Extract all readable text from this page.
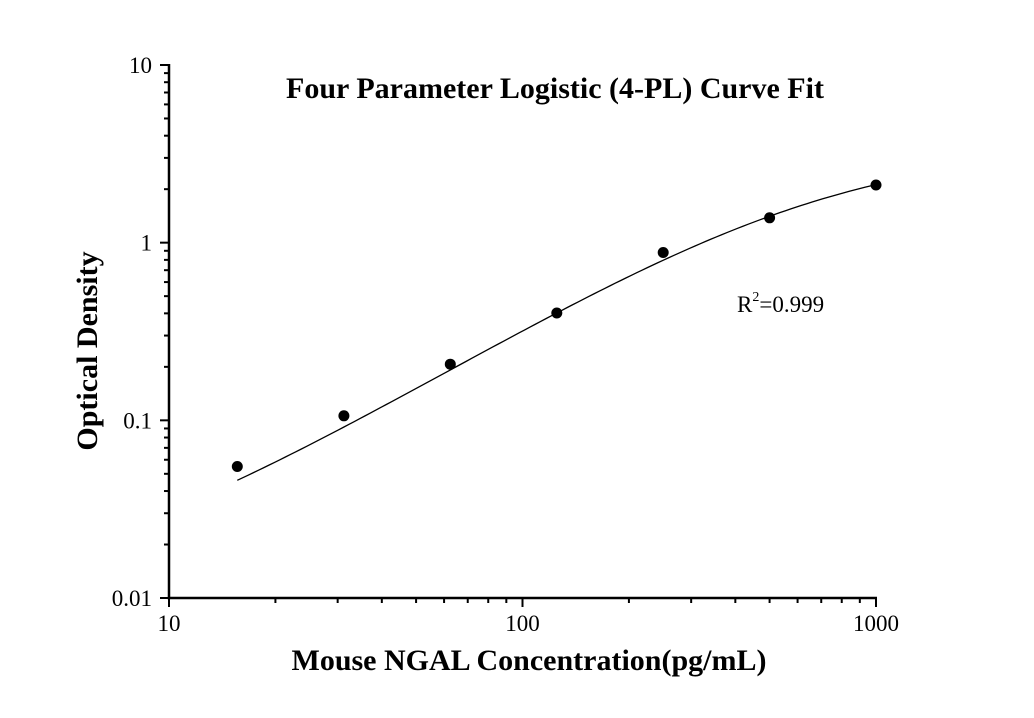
10	100	1000
10
1
0.1
0.01
Four Parameter Logistic (4-PL) Curve Fit
Optical Density
Mouse NGAL Concentration(pg/mL)
$R^2=0.999$
